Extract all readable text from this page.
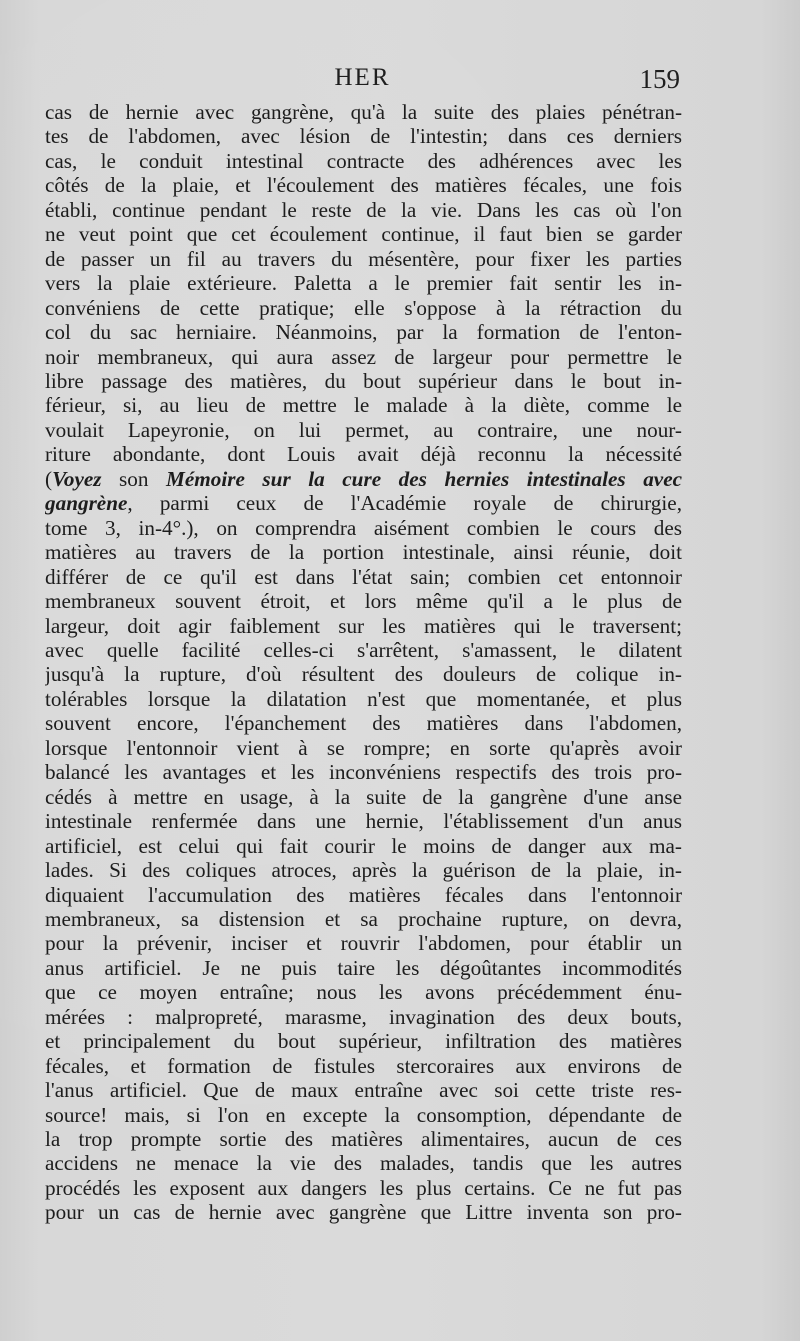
HER	159
cas de hernie avec gangrène, qu'à la suite des plaies pénétran-
tes de l'abdomen, avec lésion de l'intestin; dans ces derniers
cas, le conduit intestinal contracte des adhérences avec les
côtés de la plaie, et l'écoulement des matières fécales, une fois
établi, continue pendant le reste de la vie. Dans les cas où l'on
ne veut point que cet écoulement continue, il faut bien se garder
de passer un fil au travers du mésentère, pour fixer les parties
vers la plaie extérieure. Paletta a le premier fait sentir les in-
convéniens de cette pratique; elle s'oppose à la rétraction du
col du sac herniaire. Néanmoins, par la formation de l'enton-
noir membraneux, qui aura assez de largeur pour permettre le
libre passage des matières, du bout supérieur dans le bout in-
férieur, si, au lieu de mettre le malade à la diète, comme le
voulait Lapeyronie, on lui permet, au contraire, une nour-
riture abondante, dont Louis avait déjà reconnu la nécessité
(Voyez son Mémoire sur la cure des hernies intestinales avec
gangrène, parmi ceux de l'Académie royale de chirurgie,
tome 3, in-4°.), on comprendra aisément combien le cours des
matières au travers de la portion intestinale, ainsi réunie, doit
différer de ce qu'il est dans l'état sain; combien cet entonnoir
membraneux souvent étroit, et lors même qu'il a le plus de
largeur, doit agir faiblement sur les matières qui le traversent;
avec quelle facilité celles-ci s'arrêtent, s'amassent, le dilatent
jusqu'à la rupture, d'où résultent des douleurs de colique in-
tolérables lorsque la dilatation n'est que momentanée, et plus
souvent encore, l'épanchement des matières dans l'abdomen,
lorsque l'entonnoir vient à se rompre; en sorte qu'après avoir
balancé les avantages et les inconvéniens respectifs des trois pro-
cédés à mettre en usage, à la suite de la gangrène d'une anse
intestinale renfermée dans une hernie, l'établissement d'un anus
artificiel, est celui qui fait courir le moins de danger aux ma-
lades. Si des coliques atroces, après la guérison de la plaie, in-
diquaient l'accumulation des matières fécales dans l'entonnoir
membraneux, sa distension et sa prochaine rupture, on devra,
pour la prévenir, inciser et rouvrir l'abdomen, pour établir un
anus artificiel. Je ne puis taire les dégoûtantes incommodités
que ce moyen entraîne; nous les avons précédemment énu-
mérées : malpropreté, marasme, invagination des deux bouts,
et principalement du bout supérieur, infiltration des matières
fécales, et formation de fistules stercoraires aux environs de
l'anus artificiel. Que de maux entraîne avec soi cette triste res-
source! mais, si l'on en excepte la consomption, dépendante de
la trop prompte sortie des matières alimentaires, aucun de ces
accidens ne menace la vie des malades, tandis que les autres
procédés les exposent aux dangers les plus certains. Ce ne fut pas
pour un cas de hernie avec gangrène que Littre inventa son pro-
